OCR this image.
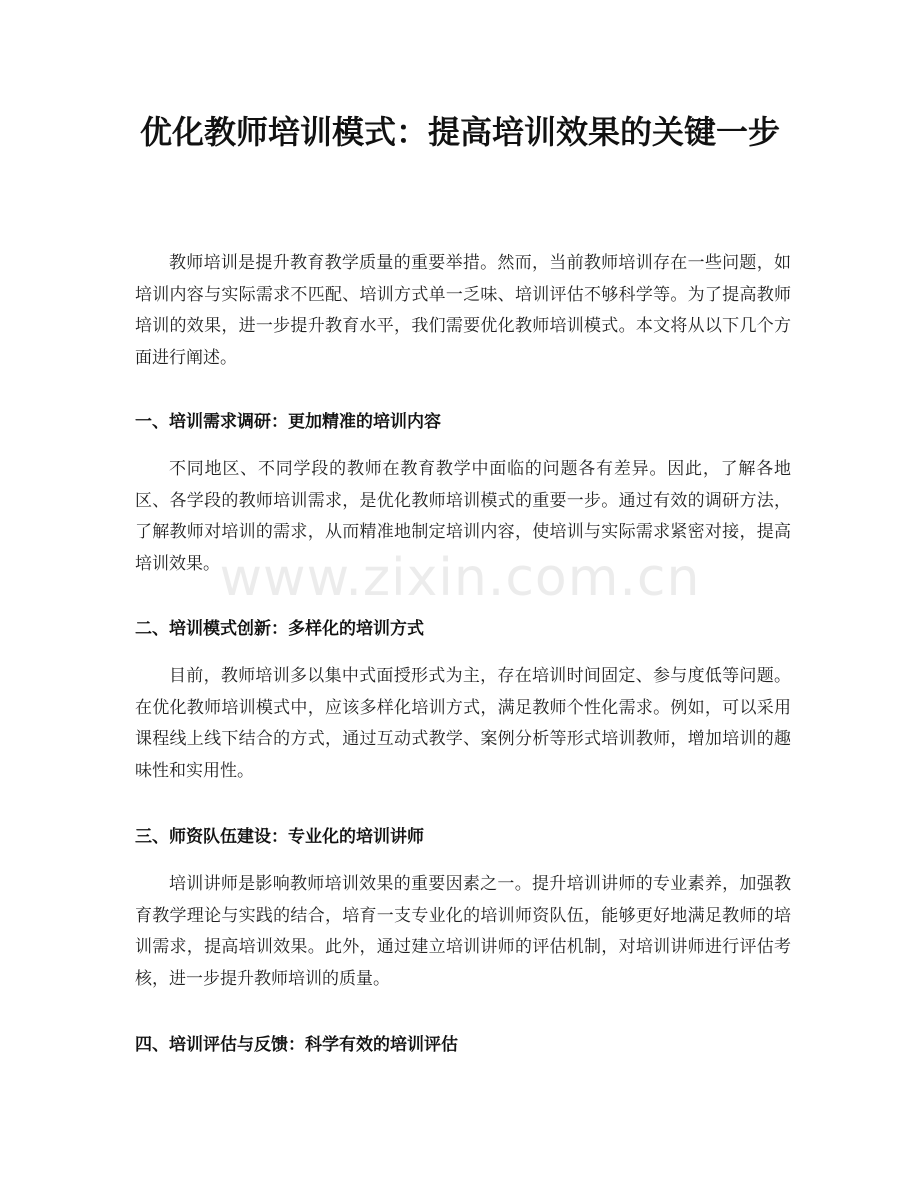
优化教师培训模式：提高培训效果的关键一步

教师培训是提升教育教学质量的重要举措。然而，当前教师培训存在一些问题，如培训内容与实际需求不匹配、培训方式单一乏味、培训评估不够科学等。为了提高教师培训的效果，进一步提升教育水平，我们需要优化教师培训模式。本文将从以下几个方面进行阐述。

一、培训需求调研：更加精准的培训内容

不同地区、不同学段的教师在教育教学中面临的问题各有差异。因此，了解各地区、各学段的教师培训需求，是优化教师培训模式的重要一步。通过有效的调研方法，了解教师对培训的需求，从而精准地制定培训内容，使培训与实际需求紧密对接，提高培训效果。

二、培训模式创新：多样化的培训方式

目前，教师培训多以集中式面授形式为主，存在培训时间固定、参与度低等问题。在优化教师培训模式中，应该多样化培训方式，满足教师个性化需求。例如，可以采用课程线上线下结合的方式，通过互动式教学、案例分析等形式培训教师，增加培训的趣味性和实用性。

三、师资队伍建设：专业化的培训讲师

培训讲师是影响教师培训效果的重要因素之一。提升培训讲师的专业素养，加强教育教学理论与实践的结合，培育一支专业化的培训师资队伍，能够更好地满足教师的培训需求，提高培训效果。此外，通过建立培训讲师的评估机制，对培训讲师进行评估考核，进一步提升教师培训的质量。

四、培训评估与反馈：科学有效的培训评估
www.zixin.com.cn
